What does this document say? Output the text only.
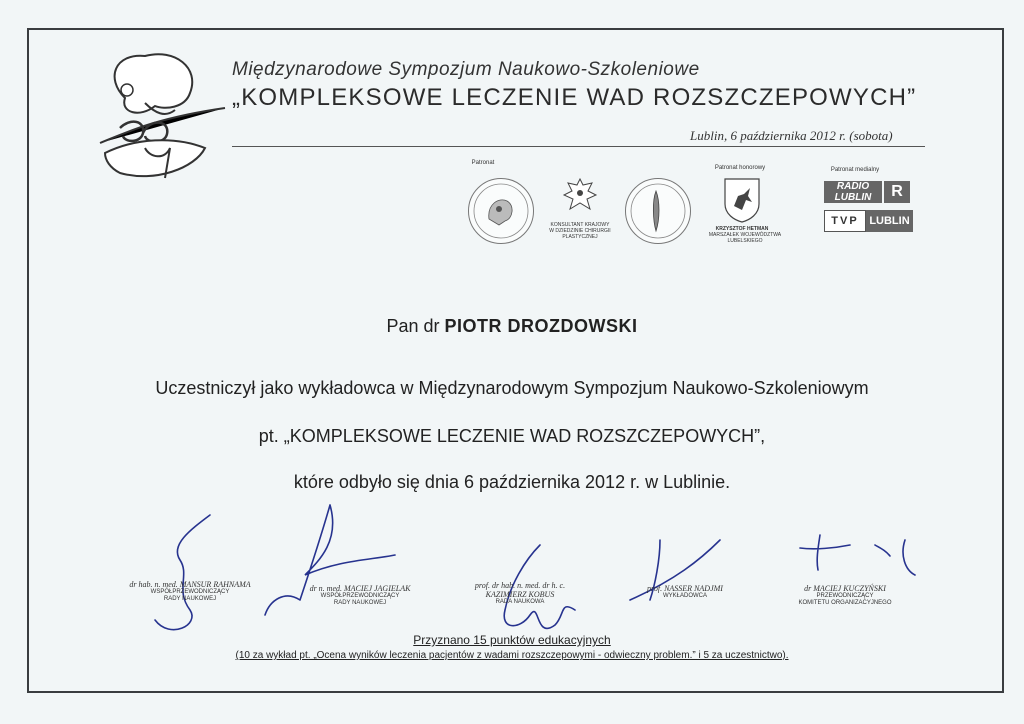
Międzynarodowe Sympozjum Naukowo-Szkoleniowe
„KOMPLEKSOWE LECZENIE WAD ROZSZCZEPOWYCH”
Lublin, 6 października 2012 r. (sobota)
Patronat
KONSULTANT KRAJOWY W DZIEDZINIE CHIRURGII PLASTYCZNEJ
Patronat honorowy
KRZYSZTOF HETMAN
MARSZAŁEK WOJEWÓDZTWA LUBELSKIEGO
Patronat medialny
RADIO
LUBLIN	R
TVP LUBLIN
Pan dr PIOTR DROZDOWSKI
Uczestniczył jako wykładowca w Międzynarodowym Sympozjum Naukowo-Szkoleniowym
pt. „KOMPLEKSOWE LECZENIE WAD ROZSZCZEPOWYCH”,
które odbyło się dnia 6 października 2012 r. w Lublinie.
dr hab. n. med. MANSUR RAHNAMA
WSPÓŁPRZEWODNICZĄCY
RADY NAUKOWEJ
dr n. med. MACIEJ JAGIELAK
WSPÓŁPRZEWODNICZĄCY
RADY NAUKOWEJ
prof. dr hab. n. med. dr h. c.
KAZIMIERZ KOBUS
RADA NAUKOWA
prof. NASSER NADJMI
WYKŁADOWCA
dr MACIEJ KUCZYŃSKI
PRZEWODNICZĄCY
KOMITETU ORGANIZACYJNEGO
Przyznano 15 punktów edukacyjnych
(10 za wykład pt. „Ocena wyników leczenia pacjentów z wadami rozszczepowymi - odwieczny problem.” i 5 za uczestnictwo).
